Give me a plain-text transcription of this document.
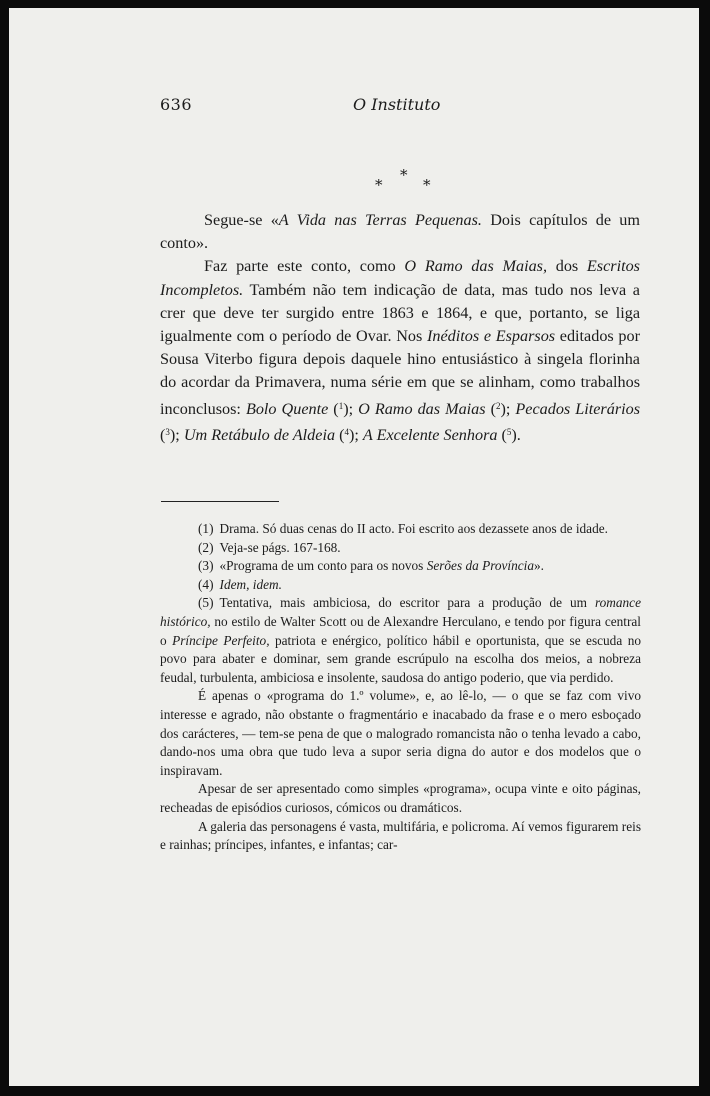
636	O Instituto
*
*	*

Segue-se «A Vida nas Terras Pequenas. Dois capítulos de um conto».

Faz parte este conto, como O Ramo das Maias, dos Escritos Incompletos. Também não tem indicação de data, mas tudo nos leva a crer que deve ter surgido entre 1863 e 1864, e que, portanto, se liga igualmente com o período de Ovar. Nos Inéditos e Esparsos editados por Sousa Viterbo figura depois daquele hino entusiástico à singela florinha do acordar da Primavera, numa série em que se alinham, como trabalhos inconclusos: Bolo Quente ($^1$); O Ramo das Maias ($^2$); Pecados Literários ($^3$); Um Retábulo de Aldeia ($^4$); A Excelente Senhora ($^5$).

(1) Drama. Só duas cenas do II acto. Foi escrito aos dezassete anos de idade.

(2) Veja-se págs. 167-168.

(3) «Programa de um conto para os novos Serões da Província».

(4) Idem, idem.

(5) Tentativa, mais ambiciosa, do escritor para a produção de um romance histórico, no estilo de Walter Scott ou de Alexandre Herculano, e tendo por figura central o Príncipe Perfeito, patriota e enérgico, político hábil e oportunista, que se escuda no povo para abater e dominar, sem grande escrúpulo na escolha dos meios, a nobreza feudal, turbulenta, ambiciosa e insolente, saudosa do antigo poderio, que via perdido.

É apenas o «programa do 1.º volume», e, ao lê-lo, — o que se faz com vivo interesse e agrado, não obstante o fragmentário e inacabado da frase e o mero esboçado dos carácteres, — tem-se pena de que o malogrado romancista não o tenha levado a cabo, dando-nos uma obra que tudo leva a supor seria digna do autor e dos modelos que o inspiravam.

Apesar de ser apresentado como simples «programa», ocupa vinte e oito páginas, recheadas de episódios curiosos, cómicos ou dramáticos.

A galeria das personagens é vasta, multifária, e policroma. Aí vemos figurarem reis e rainhas; príncipes, infantes, e infantas; car-
